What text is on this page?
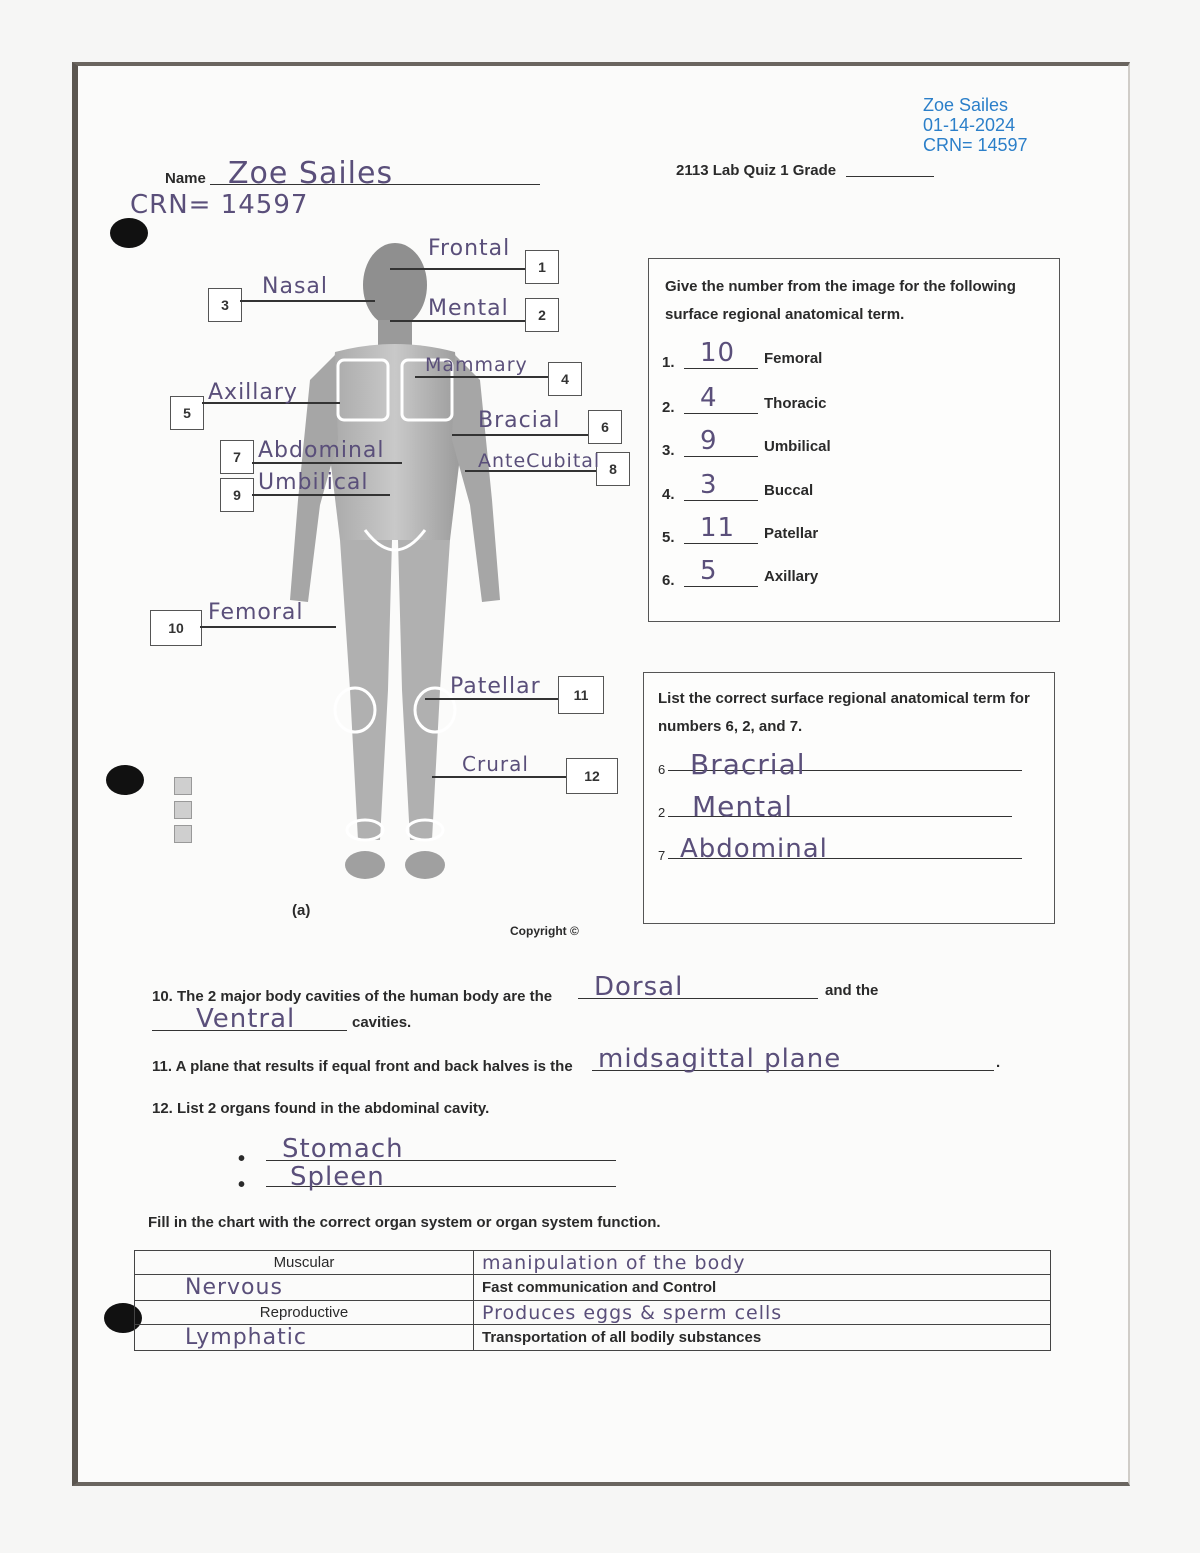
Zoe Sailes
01-14-2024
CRN= 14597
Name Zoe Sailes
CRN= 14597
2113 Lab Quiz 1 Grade
1
Frontal
2
Mental
3
Nasal
4
Mammary
5
Axillary
6
Bracial
7 Abdominal
8
AnteCubital
9 Umbilical
10
Femoral
11
Patellar
12
Crural
(a)
Copyright ©
Give the number from the image for the following surface regional anatomical term.
1. 10 Femoral
2. 4	Thoracic
3. 9	Umbilical
4. 3	Buccal
5. 11 Patellar
6. 5	Axillary
List the correct surface regional anatomical term for numbers 6, 2, and 7.
6 Bracrial
2 Mental
7 Abdominal
10. The 2 major body cavities of the human body are the Dorsal	and the
Ventral	cavities.
11. A plane that results if equal front and back halves is the midsagittal plane	.
12. List 2 organs found in the abdominal cavity.
• Stomach
• Spleen
Fill in the chart with the correct organ system or organ system function.
Muscular	manipulation of the body
Nervous	Fast communication and Control
Reproductive	Produces eggs & sperm cells
Lymphatic	Transportation of all bodily substances
